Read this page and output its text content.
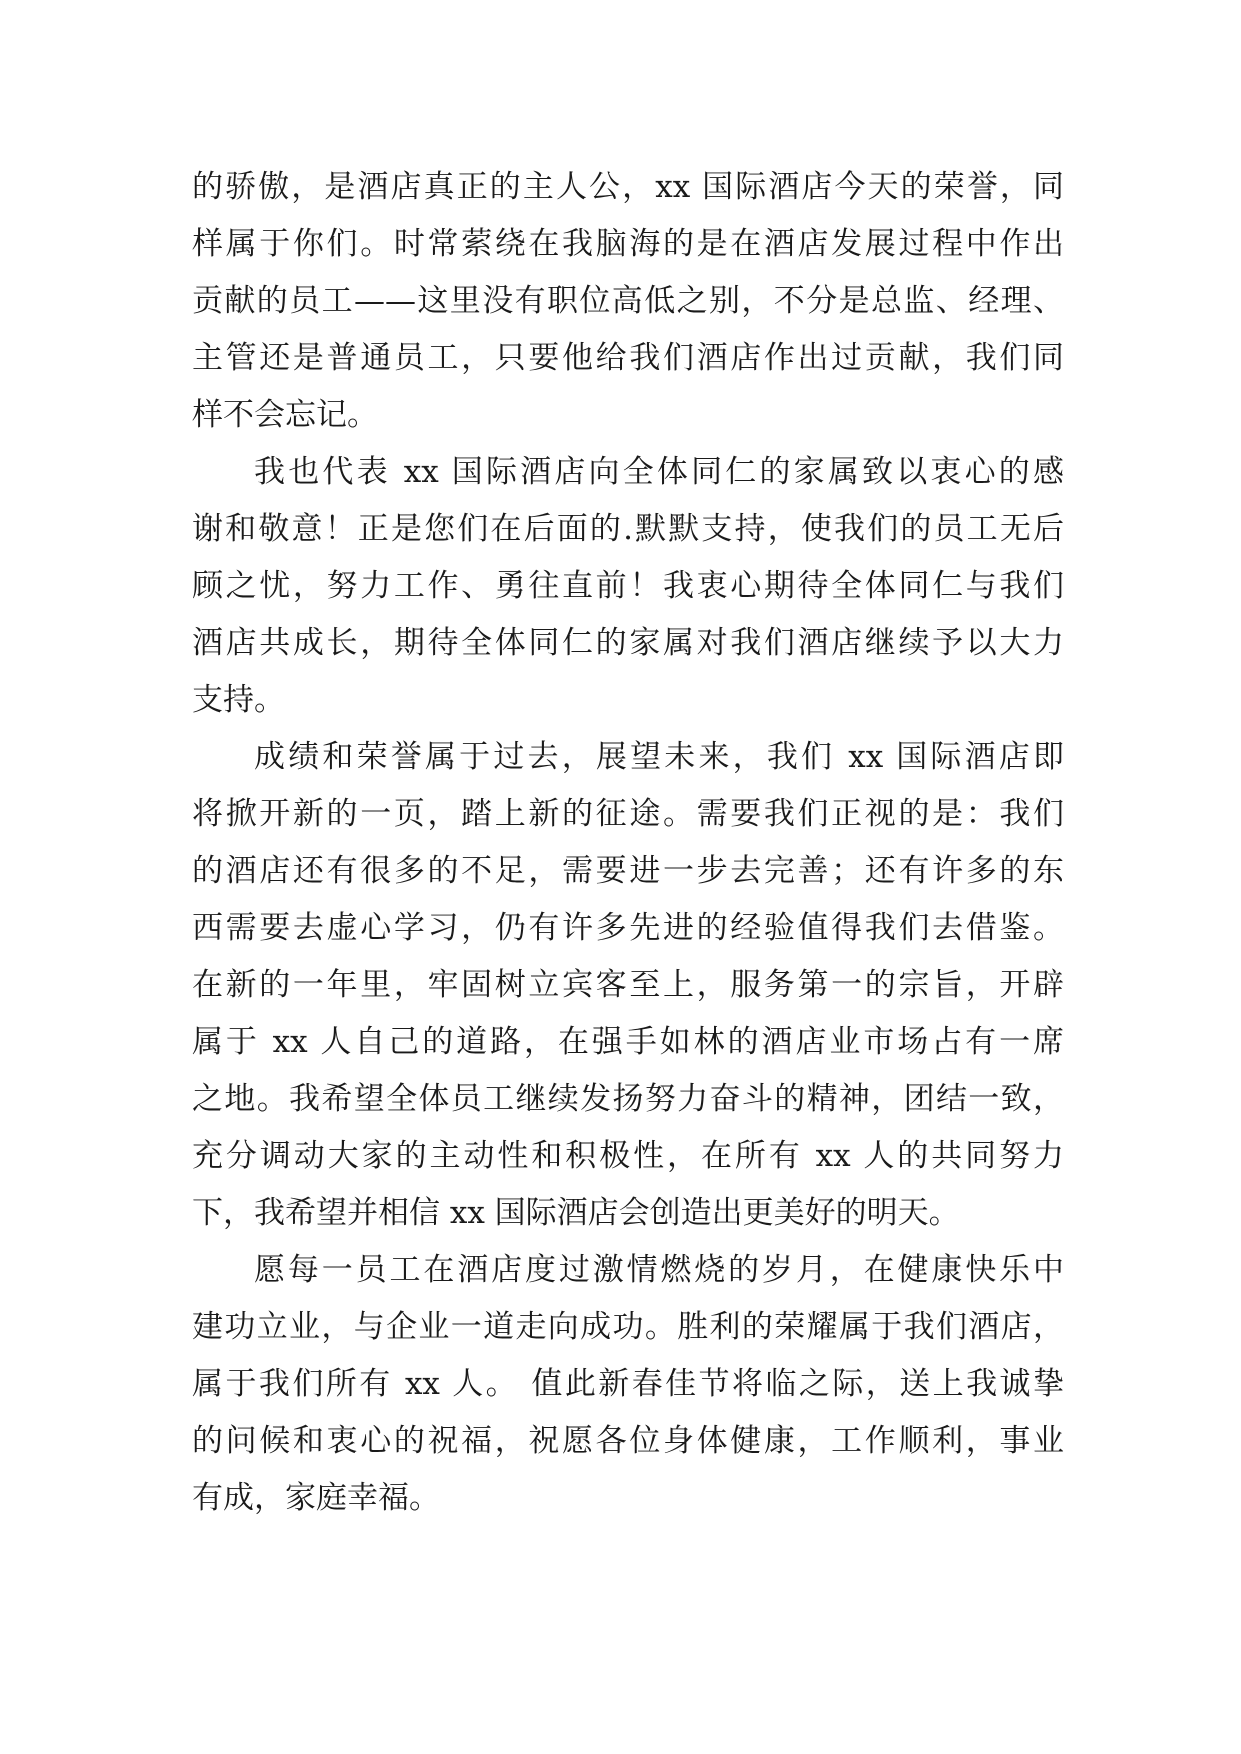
的骄傲，是酒店真正的主人公，xx 国际酒店今天的荣誉，同
样属于你们。时常萦绕在我脑海的是在酒店发展过程中作出
贡献的员工——这里没有职位高低之别，不分是总监、经理、
主管还是普通员工，只要他给我们酒店作出过贡献，我们同
样不会忘记。
我也代表 xx 国际酒店向全体同仁的家属致以衷心的感
谢和敬意！正是您们在后面的.默默支持，使我们的员工无后
顾之忧，努力工作、勇往直前！我衷心期待全体同仁与我们
酒店共成长，期待全体同仁的家属对我们酒店继续予以大力
支持。
成绩和荣誉属于过去，展望未来，我们 xx 国际酒店即
将掀开新的一页，踏上新的征途。需要我们正视的是：我们
的酒店还有很多的不足，需要进一步去完善；还有许多的东
西需要去虚心学习，仍有许多先进的经验值得我们去借鉴。
在新的一年里，牢固树立宾客至上，服务第一的宗旨，开辟
属于 xx 人自己的道路，在强手如林的酒店业市场占有一席
之地。我希望全体员工继续发扬努力奋斗的精神，团结一致，
充分调动大家的主动性和积极性，在所有 xx 人的共同努力
下，我希望并相信 xx 国际酒店会创造出更美好的明天。
愿每一员工在酒店度过激情燃烧的岁月，在健康快乐中
建功立业，与企业一道走向成功。胜利的荣耀属于我们酒店，
属于我们所有 xx 人。 值此新春佳节将临之际，送上我诚挚
的问候和衷心的祝福，祝愿各位身体健康，工作顺利，事业
有成，家庭幸福。
